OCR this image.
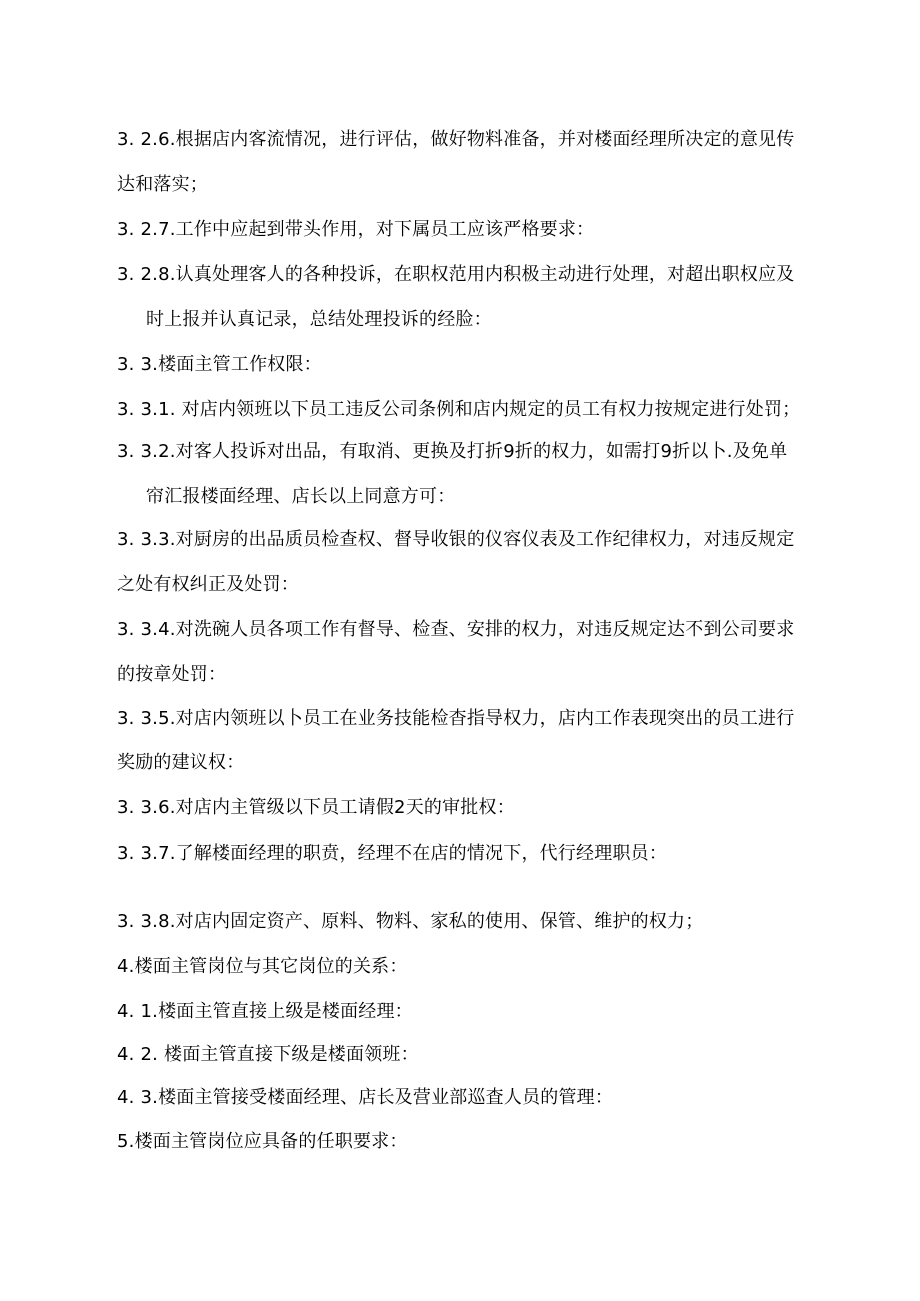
3. 2.6.根据店内客流情况，进行评估，做好物料准备，并对楼面经理所决定的意见传
达和落实；
3. 2.7.工作中应起到带头作用，对下属员工应该严格要求：
3. 2.8.认真处理客人的各种投诉，在职权范用内积极主动进行处理，对超出职权应及
时上报并认真记录，总结处理投诉的经脸：
3. 3.楼面主管工作权限：
3. 3.1. 对店内领班以下员工违反公司条例和店内规定的员工有权力按规定进行处罚；
3. 3.2.对客人投诉对出品，有取消、更换及打折9折的权力，如需打9折以卜.及免单
帘汇报楼面经理、店长以上同意方可：
3. 3.3.对厨房的出品质员检查权、督导收银的仪容仪表及工作纪律权力，对违反规定
之处有权纠正及处罚：
3. 3.4.对洗碗人员各项工作有督导、检查、安排的权力，对违反规定达不到公司要求
的按章处罚：
3. 3.5.对店内领班以卜员工在业务技能检杳指导权力，店内工作表现突出的员工进行
奖励的建议权：
3. 3.6.对店内主管级以下员工请假2天的审批权：
3. 3.7.了解楼面经理的职贲，经理不在店的情况下，代行经理职员：
3. 3.8.对店内固定资产、原料、物料、家私的使用、保管、维护的权力；
4.楼面主管岗位与其它岗位的关系：
4. 1.楼面主管直接上级是楼面经理：
4. 2. 楼面主管直接下级是楼面领班：
4. 3.楼面主管接受楼面经理、店长及营业部巡査人员的管理：
5.楼面主管岗位应具备的任职要求：
